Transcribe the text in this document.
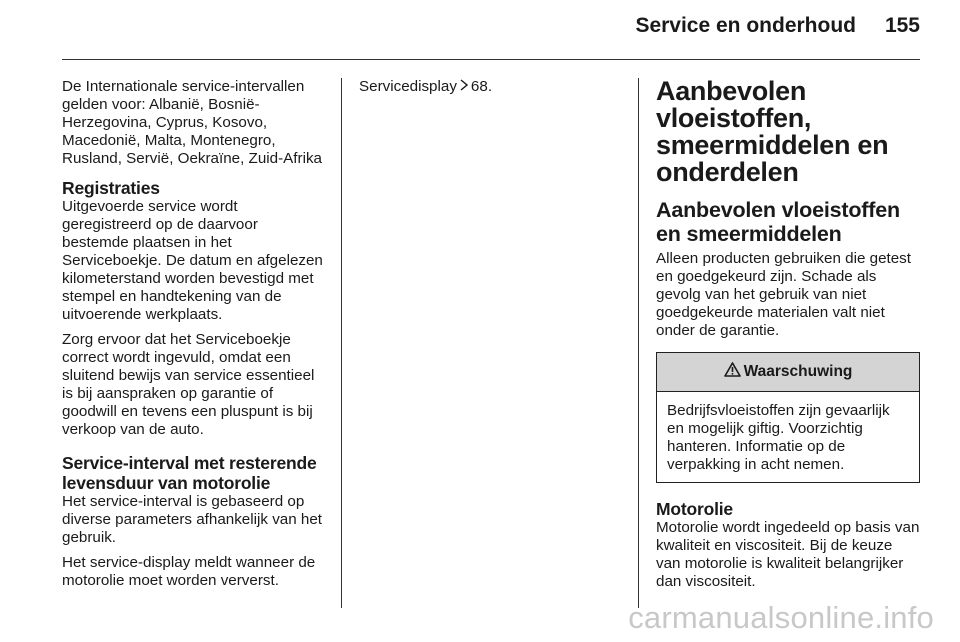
Service en onderhoud 155

De Internationale service-intervallen gelden voor: Albanië, Bosnië-Herzegovina, Cyprus, Kosovo, Macedonië, Malta, Montenegro, Rusland, Servië, Oekraïne, Zuid-Afrika

Registraties

Uitgevoerde service wordt geregistreerd op de daarvoor bestemde plaatsen in het Serviceboekje. De datum en afgelezen kilometerstand worden bevestigd met stempel en handtekening van de uitvoerende werkplaats.

Zorg ervoor dat het Serviceboekje correct wordt ingevuld, omdat een sluitend bewijs van service essentieel is bij aanspraken op garantie of goodwill en tevens een pluspunt is bij verkoop van de auto.

Service-interval met resterende levensduur van motorolie

Het service-interval is gebaseerd op diverse parameters afhankelijk van het gebruik.

Het service-display meldt wanneer de motorolie moet worden ververst.

Servicedisplay 68.	Aanbevolen vloeistoffen, smeermiddelen en onderdelen
Aanbevolen vloeistoffen en smeermiddelen

Alleen producten gebruiken die getest en goedgekeurd zijn. Schade als gevolg van het gebruik van niet goedgekeurde materialen valt niet onder de garantie.

Waarschuwing
Bedrijfsvloeistoffen zijn gevaarlijk en mogelijk giftig. Voorzichtig hanteren. Informatie op de verpakking in acht nemen.
Motorolie

Motorolie wordt ingedeeld op basis van kwaliteit en viscositeit. Bij de keuze van motorolie is kwaliteit belangrijker dan viscositeit.

carmanualsonline.info
